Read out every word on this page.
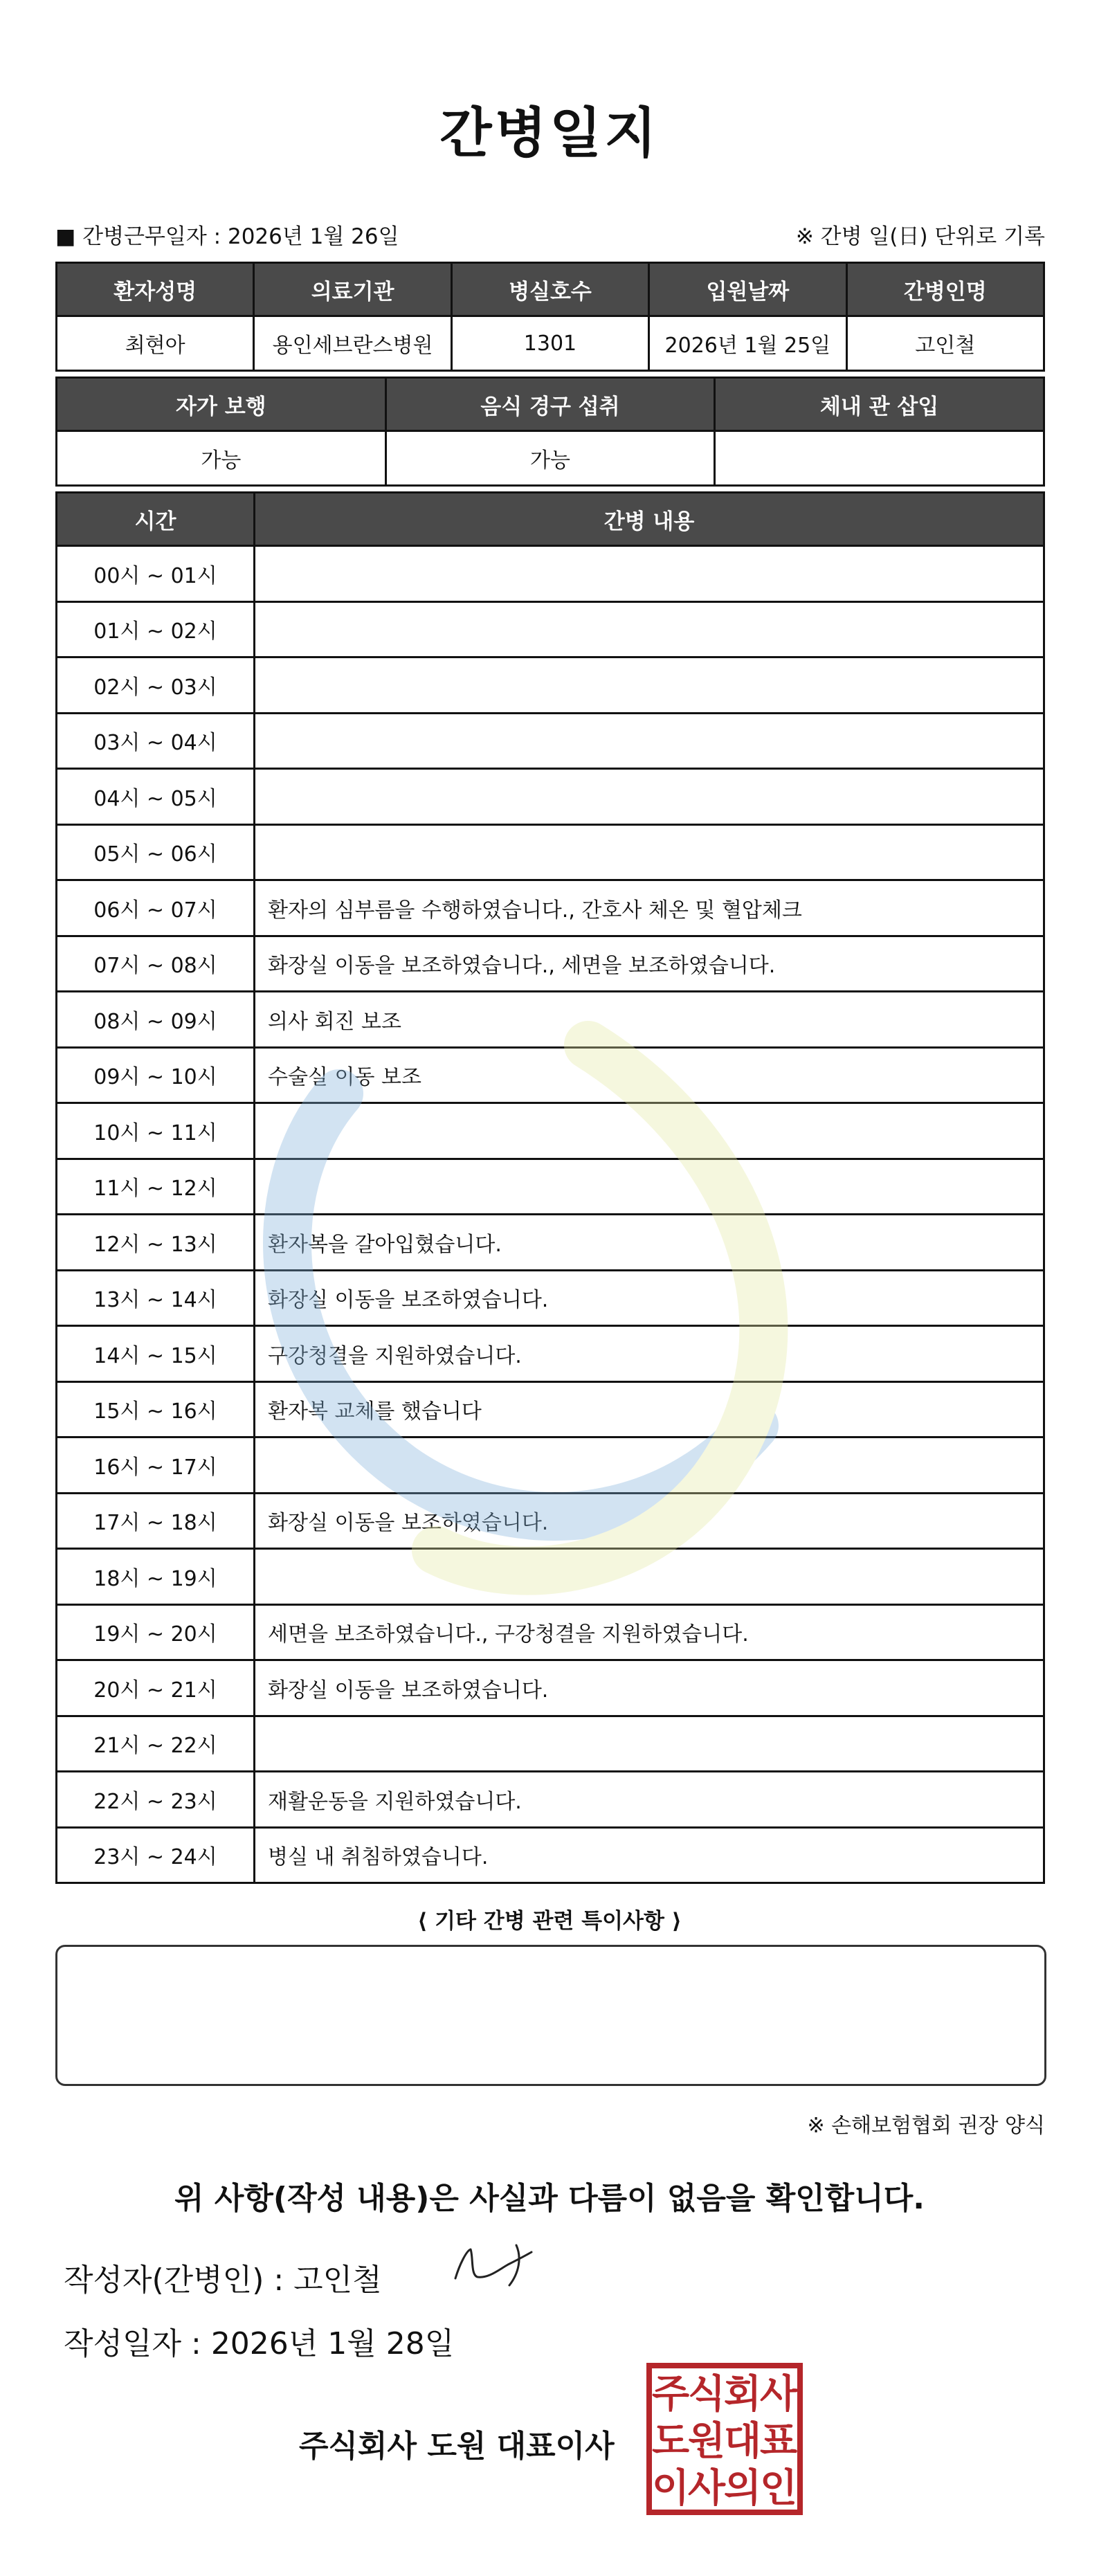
간병일지
■ 간병근무일자 : 2026년 1월 26일	※ 간병 일(日) 단위로 기록
환자성명	의료기관	병실호수	입원날짜	간병인명
최현아	용인세브란스병원	1301	2026년 1월 25일	고인철
자가 보행	음식 경구 섭취	체내 관 삽입
가능	가능	
시간	간병 내용
00시 ~ 01시	
01시 ~ 02시	
02시 ~ 03시	
03시 ~ 04시	
04시 ~ 05시	
05시 ~ 06시	
06시 ~ 07시	환자의 심부름을 수행하였습니다., 간호사 체온 및 혈압체크
07시 ~ 08시	화장실 이동을 보조하였습니다., 세면을 보조하였습니다.
08시 ~ 09시	의사 회진 보조
09시 ~ 10시	수술실 이동 보조
10시 ~ 11시	
11시 ~ 12시	
12시 ~ 13시	환자복을 갈아입혔습니다.
13시 ~ 14시	화장실 이동을 보조하였습니다.
14시 ~ 15시	구강청결을 지원하였습니다.
15시 ~ 16시	환자복 교체를 했습니다
16시 ~ 17시	
17시 ~ 18시	화장실 이동을 보조하였습니다.
18시 ~ 19시	
19시 ~ 20시	세면을 보조하였습니다., 구강청결을 지원하였습니다.
20시 ~ 21시	화장실 이동을 보조하였습니다.
21시 ~ 22시	
22시 ~ 23시	재활운동을 지원하였습니다.
23시 ~ 24시	병실 내 취침하였습니다.
⟨ 기타 간병 관련 특이사항 ⟩
※ 손해보험협회 권장 양식
위 사항(작성 내용)은 사실과 다름이 없음을 확인합니다.
작성자(간병인) : 고인철
작성일자 : 2026년 1월 28일
주식회사 도원 대표이사
주
식
회
사
도
원
대
표
이
사
의
인
